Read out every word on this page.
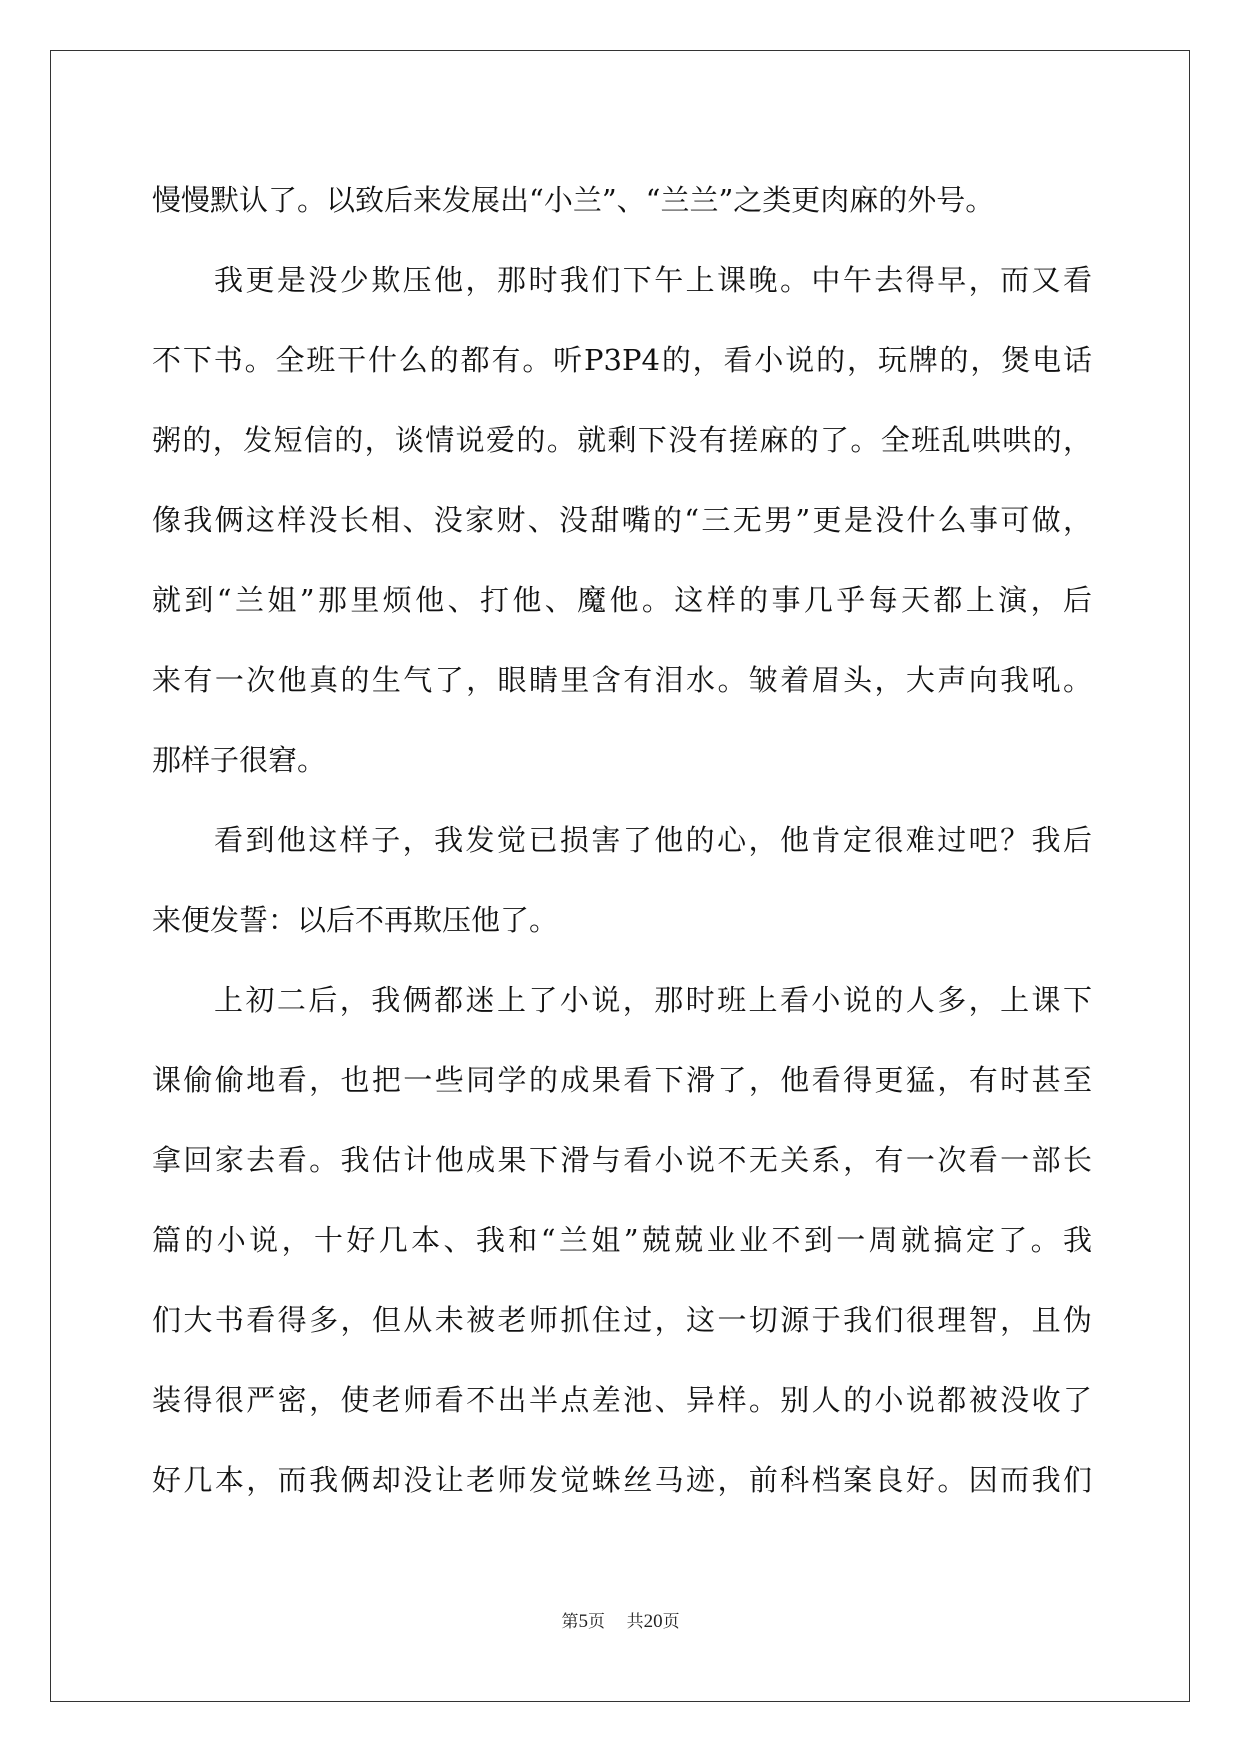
慢慢默认了。以致后来发展出“小兰”、“兰兰”之类更肉麻的外号。
我更是没少欺压他，那时我们下午上课晚。中午去得早，而又看
不下书。全班干什么的都有。听P3P4的，看小说的，玩牌的，煲电话
粥的，发短信的，谈情说爱的。就剩下没有搓麻的了。全班乱哄哄的，
像我俩这样没长相、没家财、没甜嘴的“三无男”更是没什么事可做，
就到“兰姐”那里烦他、打他、魔他。这样的事几乎每天都上演，后
来有一次他真的生气了，眼睛里含有泪水。皱着眉头，大声向我吼。
那样子很窘。
看到他这样子，我发觉已损害了他的心，他肯定很难过吧？我后
来便发誓：以后不再欺压他了。
上初二后，我俩都迷上了小说，那时班上看小说的人多，上课下
课偷偷地看，也把一些同学的成果看下滑了，他看得更猛，有时甚至
拿回家去看。我估计他成果下滑与看小说不无关系，有一次看一部长
篇的小说，十好几本、我和“兰姐”兢兢业业不到一周就搞定了。我
们大书看得多，但从未被老师抓住过，这一切源于我们很理智，且伪
装得很严密，使老师看不出半点差池、异样。别人的小说都被没收了
好几本，而我俩却没让老师发觉蛛丝马迹，前科档案良好。因而我们
第5页 共20页
